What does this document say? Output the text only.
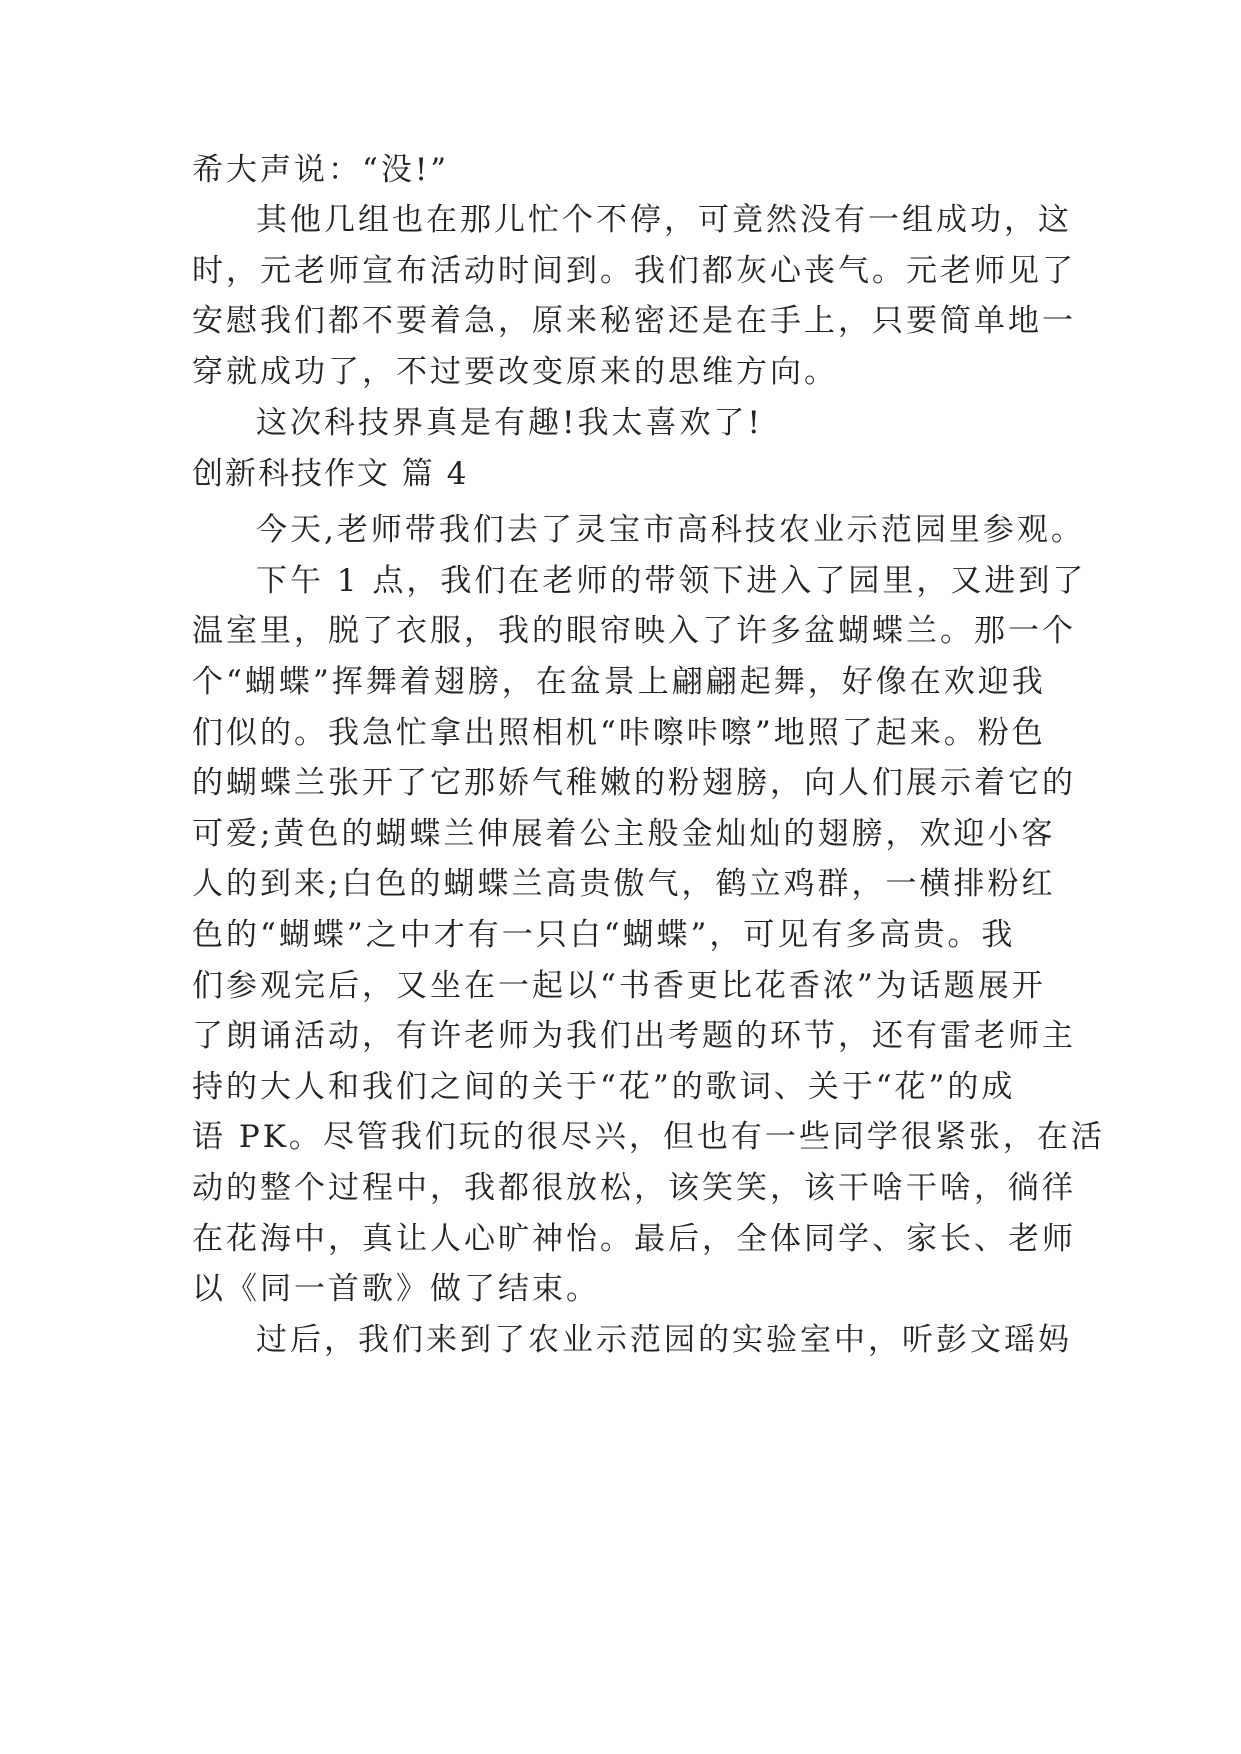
希大声说：“没!”
其他几组也在那儿忙个不停，可竟然没有一组成功，这
时，元老师宣布活动时间到。我们都灰心丧气。元老师见了
安慰我们都不要着急，原来秘密还是在手上，只要简单地一
穿就成功了，不过要改变原来的思维方向。
这次科技界真是有趣!我太喜欢了!
创新科技作文 篇 4
今天,老师带我们去了灵宝市高科技农业示范园里参观。
下午 1 点，我们在老师的带领下进入了园里，又进到了
温室里，脱了衣服，我的眼帘映入了许多盆蝴蝶兰。那一个
个“蝴蝶”挥舞着翅膀，在盆景上翩翩起舞，好像在欢迎我
们似的。我急忙拿出照相机“咔嚓咔嚓”地照了起来。粉色
的蝴蝶兰张开了它那娇气稚嫩的粉翅膀，向人们展示着它的
可爱;黄色的蝴蝶兰伸展着公主般金灿灿的翅膀，欢迎小客
人的到来;白色的蝴蝶兰高贵傲气，鹤立鸡群，一横排粉红
色的“蝴蝶”之中才有一只白“蝴蝶”，可见有多高贵。我
们参观完后，又坐在一起以“书香更比花香浓”为话题展开
了朗诵活动，有许老师为我们出考题的环节，还有雷老师主
持的大人和我们之间的关于“花”的歌词、关于“花”的成
语 PK。尽管我们玩的很尽兴，但也有一些同学很紧张，在活
动的整个过程中，我都很放松，该笑笑，该干啥干啥，徜徉
在花海中，真让人心旷神怡。最后，全体同学、家长、老师
以《同一首歌》做了结束。
过后，我们来到了农业示范园的实验室中，听彭文瑶妈
